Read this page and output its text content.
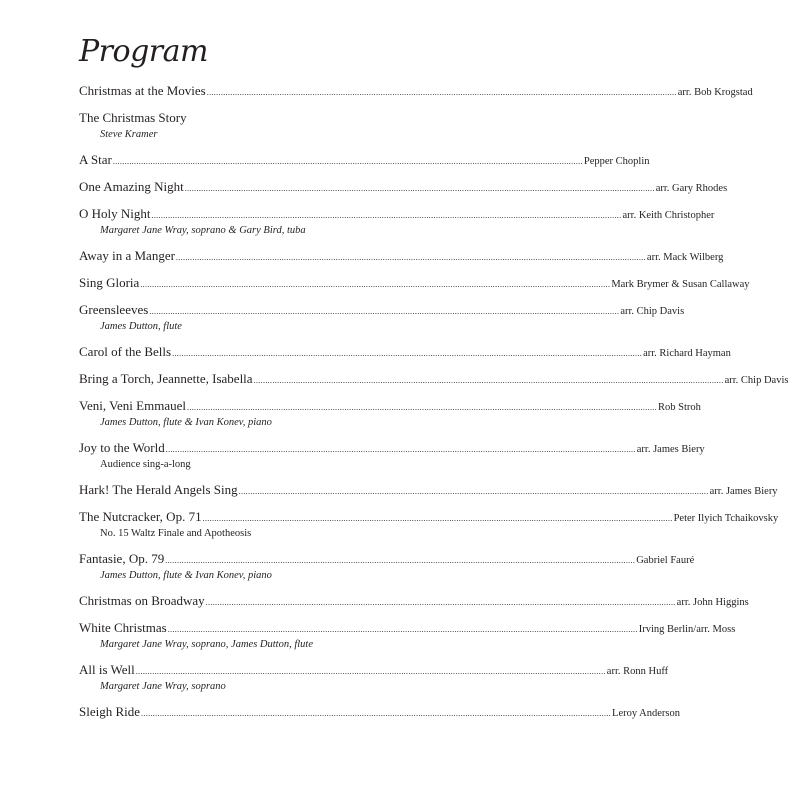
Program
Christmas at the Movies ........................................................................................................................................................................................................ arr. Bob Krogstad
The Christmas Story
Steve Kramer
A Star ........................................................................................................................................................................................................ Pepper Choplin
One Amazing Night ........................................................................................................................................................................................................ arr. Gary Rhodes
O Holy Night ........................................................................................................................................................................................................ arr. Keith Christopher
Margaret Jane Wray, soprano & Gary Bird, tuba
Away in a Manger ........................................................................................................................................................................................................ arr. Mack Wilberg
Sing Gloria ........................................................................................................................................................................................................ Mark Brymer & Susan Callaway
Greensleeves ........................................................................................................................................................................................................ arr. Chip Davis
James Dutton, flute
Carol of the Bells ........................................................................................................................................................................................................ arr. Richard Hayman
Bring a Torch, Jeannette, Isabella ........................................................................................................................................................................................................ arr. Chip Davis
Veni, Veni Emmauel ........................................................................................................................................................................................................ Rob Stroh
James Dutton, flute & Ivan Konev, piano
Joy to the World ........................................................................................................................................................................................................ arr. James Biery
Audience sing-a-long
Hark! The Herald Angels Sing ........................................................................................................................................................................................................ arr. James Biery
The Nutcracker, Op. 71 ........................................................................................................................................................................................................ Peter Ilyich Tchaikovsky
No. 15 Waltz Finale and Apotheosis
Fantasie, Op. 79 ........................................................................................................................................................................................................ Gabriel Fauré
James Dutton, flute & Ivan Konev, piano
Christmas on Broadway ........................................................................................................................................................................................................ arr. John Higgins
White Christmas ........................................................................................................................................................................................................ Irving Berlin/arr. Moss
Margaret Jane Wray, soprano, James Dutton, flute
All is Well ........................................................................................................................................................................................................ arr. Ronn Huff
Margaret Jane Wray, soprano
Sleigh Ride ........................................................................................................................................................................................................ Leroy Anderson
